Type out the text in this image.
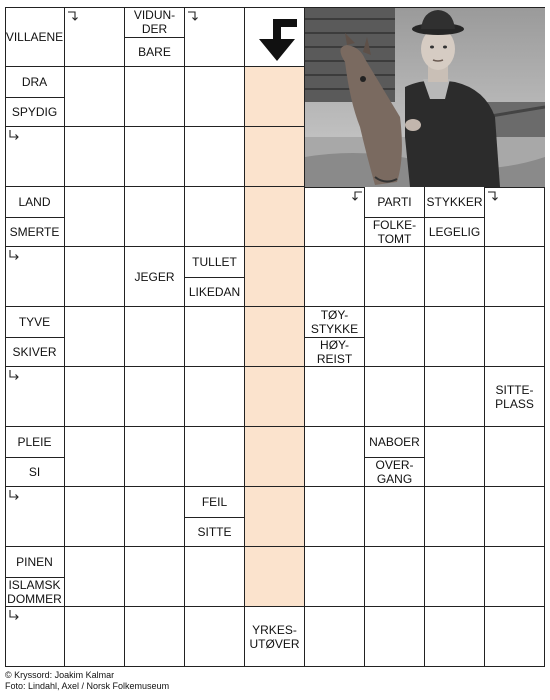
VILLAENE
VIDUN-
DER
BARE
DRA
SPYDIG
LAND
SMERTE
PARTI
FOLKE-
TOMT
STYKKER
LEGELIG
JEGER
TULLET
LIKEDAN
TYVE
SKIVER
TØY-
STYKKE
HØY-
REIST
SITTE-
PLASS
PLEIE
SI
NABOER
OVER-
GANG
FEIL
SITTE
PINEN
ISLAMSK
DOMMER
YRKES-
UTØVER
© Kryssord: Joakim Kalmar
Foto: Lindahl, Axel / Norsk Folkemuseum
